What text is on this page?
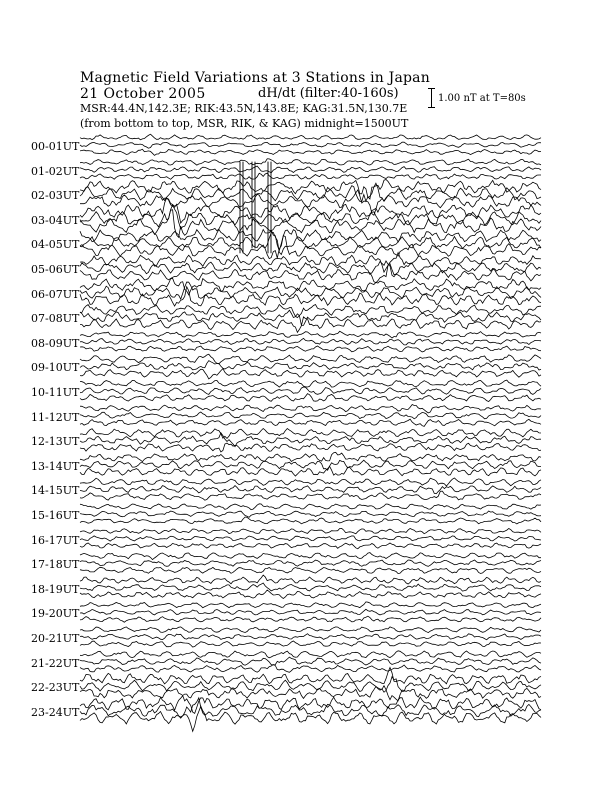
Magnetic Field Variations at 3 Stations in Japan
21 October 2005	dH/dt (filter:40-160s)
MSR:44.4N,142.3E; RIK:43.5N,143.8E; KAG:31.5N,130.7E
(from bottom to top, MSR, RIK, & KAG) midnight=1500UT
1.00 nT at T=80s
00-01UT
01-02UT
02-03UT
03-04UT
04-05UT
05-06UT
06-07UT
07-08UT
08-09UT
09-10UT
10-11UT
11-12UT
12-13UT
13-14UT
14-15UT
15-16UT
16-17UT
17-18UT
18-19UT
19-20UT
20-21UT
21-22UT
22-23UT
23-24UT
